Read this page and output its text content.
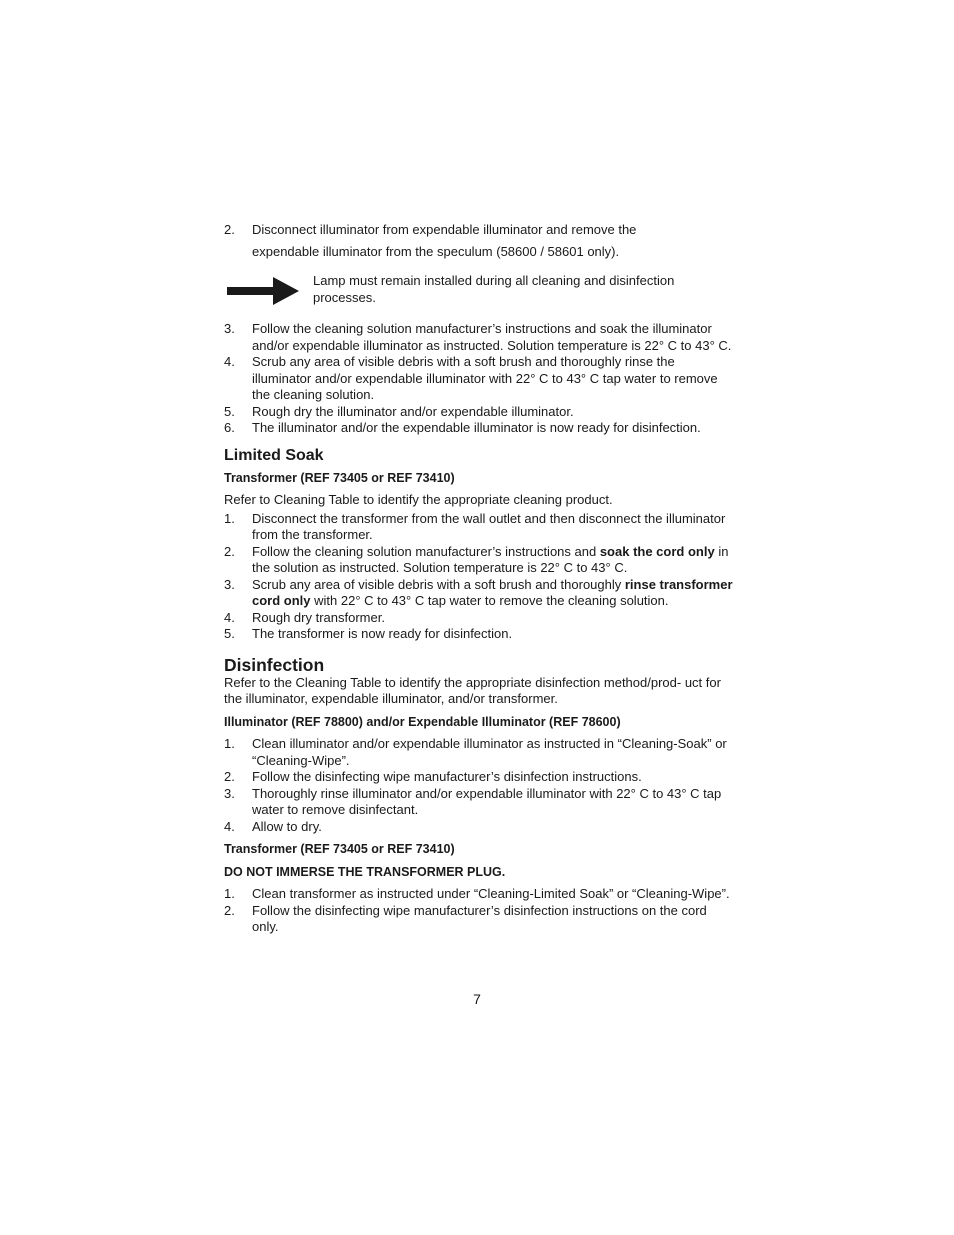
2.	Disconnect illuminator from expendable illuminator and remove the
expendable illuminator from the speculum (58600 / 58601 only).
Lamp must remain installed during all cleaning and disinfection processes.
3.	Follow the cleaning solution manufacturer’s instructions and soak the illuminator and/or expendable illuminator as instructed. Solution temperature is 22° C to 43° C.
4.	Scrub any area of visible debris with a soft brush and thoroughly rinse the illuminator and/or expendable illuminator with 22° C to 43° C tap water to remove the cleaning solution.
5.	Rough dry the illuminator and/or expendable illuminator.
6.	The illuminator and/or the expendable illuminator is now ready for disinfection.
Limited Soak
Transformer (REF 73405 or REF 73410)
Refer to Cleaning Table to identify the appropriate cleaning product.
1.	Disconnect the transformer from the wall outlet and then disconnect the illuminator from the transformer.
2.	Follow the cleaning solution manufacturer’s instructions and soak the cord only in the solution as instructed. Solution temperature is 22° C to 43° C.
3.	Scrub any area of visible debris with a soft brush and thoroughly rinse transformer cord only with 22° C to 43° C tap water to remove the cleaning solution.
4.	Rough dry transformer.
5.	The transformer is now ready for disinfection.
Disinfection
Refer to the Cleaning Table to identify the appropriate disinfection method/prod- uct for the illuminator, expendable illuminator, and/or transformer.
Illuminator (REF 78800) and/or Expendable Illuminator (REF 78600)
1.	Clean illuminator and/or expendable illuminator as instructed in “Cleaning-Soak” or “Cleaning-Wipe”.
2.	Follow the disinfecting wipe manufacturer’s disinfection instructions.
3.	Thoroughly rinse illuminator and/or expendable illuminator with 22° C to 43° C tap water to remove disinfectant.
4.	Allow to dry.
Transformer (REF 73405 or REF 73410)
DO NOT IMMERSE THE TRANSFORMER PLUG.
1.	Clean transformer as instructed under “Cleaning-Limited Soak” or “Cleaning-Wipe”.
2.	Follow the disinfecting wipe manufacturer’s disinfection instructions on the cord only.
7
